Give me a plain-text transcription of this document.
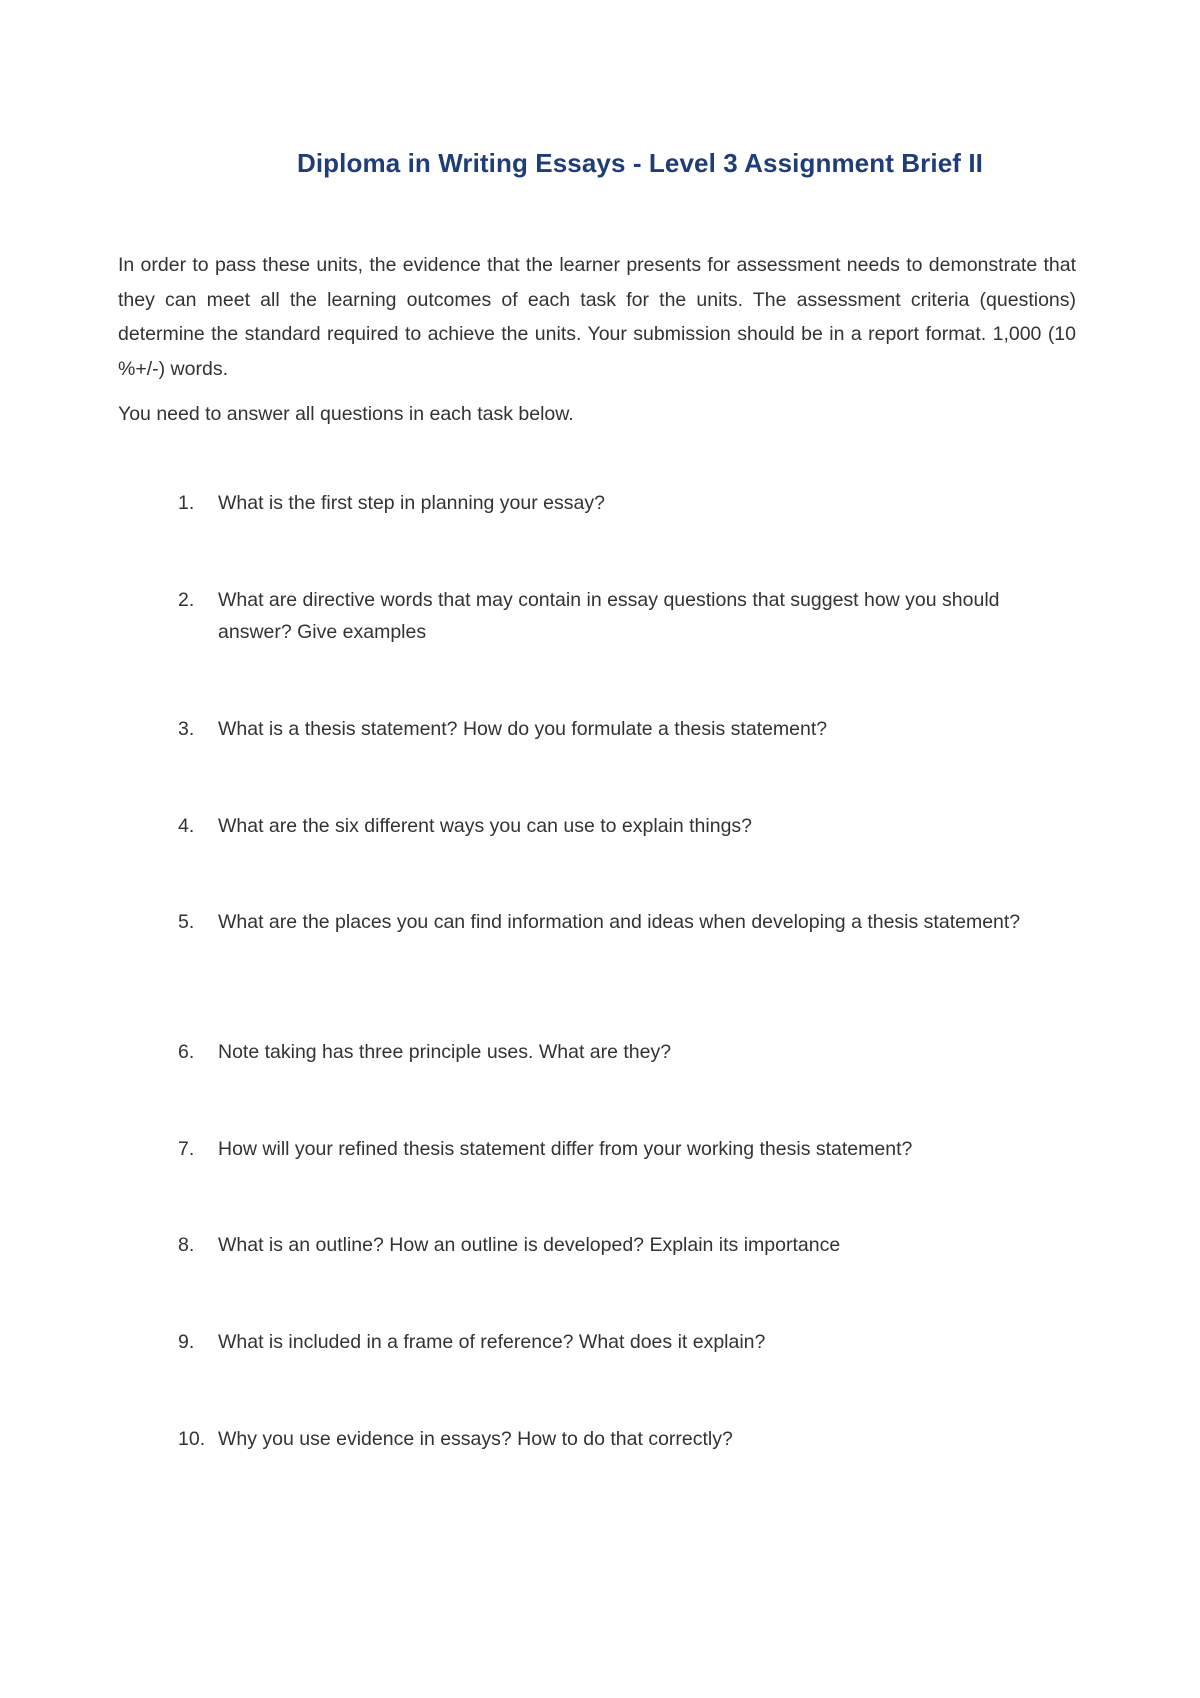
Diploma in Writing Essays - Level 3 Assignment Brief II

In order to pass these units, the evidence that the learner presents for assessment needs to demonstrate that they can meet all the learning outcomes of each task for the units. The assessment criteria (questions) determine the standard required to achieve the units. Your submission should be in a report format. 1,000 (10 %+/-) words.

You need to answer all questions in each task below.

1.	What is the first step in planning your essay?
2.	What are directive words that may contain in essay questions that suggest how you should answer? Give examples
3.	What is a thesis statement? How do you formulate a thesis statement?
4.	What are the six different ways you can use to explain things?
5.	What are the places you can find information and ideas when developing a thesis statement?
6.	Note taking has three principle uses. What are they?
7.	How will your refined thesis statement differ from your working thesis statement?
8.	What is an outline? How an outline is developed? Explain its importance
9.	What is included in a frame of reference? What does it explain?
10. Why you use evidence in essays? How to do that correctly?
